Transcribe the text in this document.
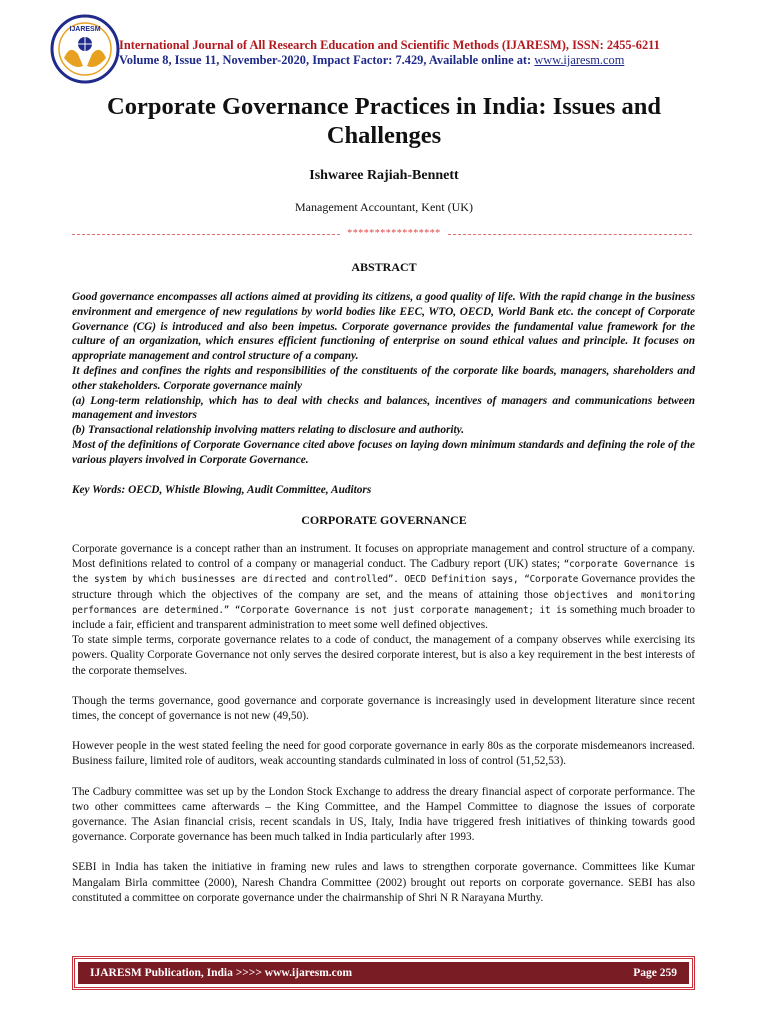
IJARESM
International Journal of All Research Education and Scientific Methods (IJARESM), ISSN: 2455-6211
Volume 8, Issue 11, November-2020, Impact Factor: 7.429, Available online at: www.ijaresm.com
Corporate Governance Practices in India: Issues and Challenges
Ishwaree Rajiah-Bennett
Management Accountant, Kent (UK)
*****************
ABSTRACT

Good governance encompasses all actions aimed at providing its citizens, a good quality of life. With the rapid change in the business environment and emergence of new regulations by world bodies like EEC, WTO, OECD, World Bank etc. the concept of Corporate Governance (CG) is introduced and also been impetus. Corporate governance provides the fundamental value framework for the culture of an organization, which ensures efficient functioning of enterprise on sound ethical values and principle. It focuses on appropriate management and control structure of a company.

It defines and confines the rights and responsibilities of the constituents of the corporate like boards, managers, shareholders and other stakeholders. Corporate governance mainly

(a) Long-term relationship, which has to deal with checks and balances, incentives of managers and communications between management and investors

(b) Transactional relationship involving matters relating to disclosure and authority.

Most of the definitions of Corporate Governance cited above focuses on laying down minimum standards and defining the role of the various players involved in Corporate Governance.

Key Words: OECD, Whistle Blowing, Audit Committee, Auditors
CORPORATE GOVERNANCE

Corporate governance is a concept rather than an instrument. It focuses on appropriate management and control structure of a company. Most definitions related to control of a company or managerial conduct. The Cadbury report (UK) states; “corporate Governance is the system by which businesses are directed and controlled”. OECD Definition says, “Corporate Governance provides the structure through which the objectives of the company are set, and the means of attaining those objectives and monitoring performances are determined.” “Corporate Governance is not just corporate management; it is something much broader to include a fair, efficient and transparent administration to meet some well defined objectives.

To state simple terms, corporate governance relates to a code of conduct, the management of a company observes while exercising its powers. Quality Corporate Governance not only serves the desired corporate interest, but is also a key requirement in the best interests of the corporate themselves.

Though the terms governance, good governance and corporate governance is increasingly used in development literature since recent times, the concept of governance is not new (49,50).

However people in the west stated feeling the need for good corporate governance in early 80s as the corporate misdemeanors increased. Business failure, limited role of auditors, weak accounting standards culminated in loss of control (51,52,53).

The Cadbury committee was set up by the London Stock Exchange to address the dreary financial aspect of corporate performance. The two other committees came afterwards – the King Committee, and the Hampel Committee to diagnose the issues of corporate governance. The Asian financial crisis, recent scandals in US, Italy, India have triggered fresh initiatives of thinking towards good governance. Corporate governance has been much talked in India particularly after 1993.

SEBI in India has taken the initiative in framing new rules and laws to strengthen corporate governance. Committees like Kumar Mangalam Birla committee (2000), Naresh Chandra Committee (2002) brought out reports on corporate governance. SEBI has also constituted a committee on corporate governance under the chairmanship of Shri N R Narayana Murthy.

IJARESM Publication, India >>>> www.ijaresm.com	Page 259
